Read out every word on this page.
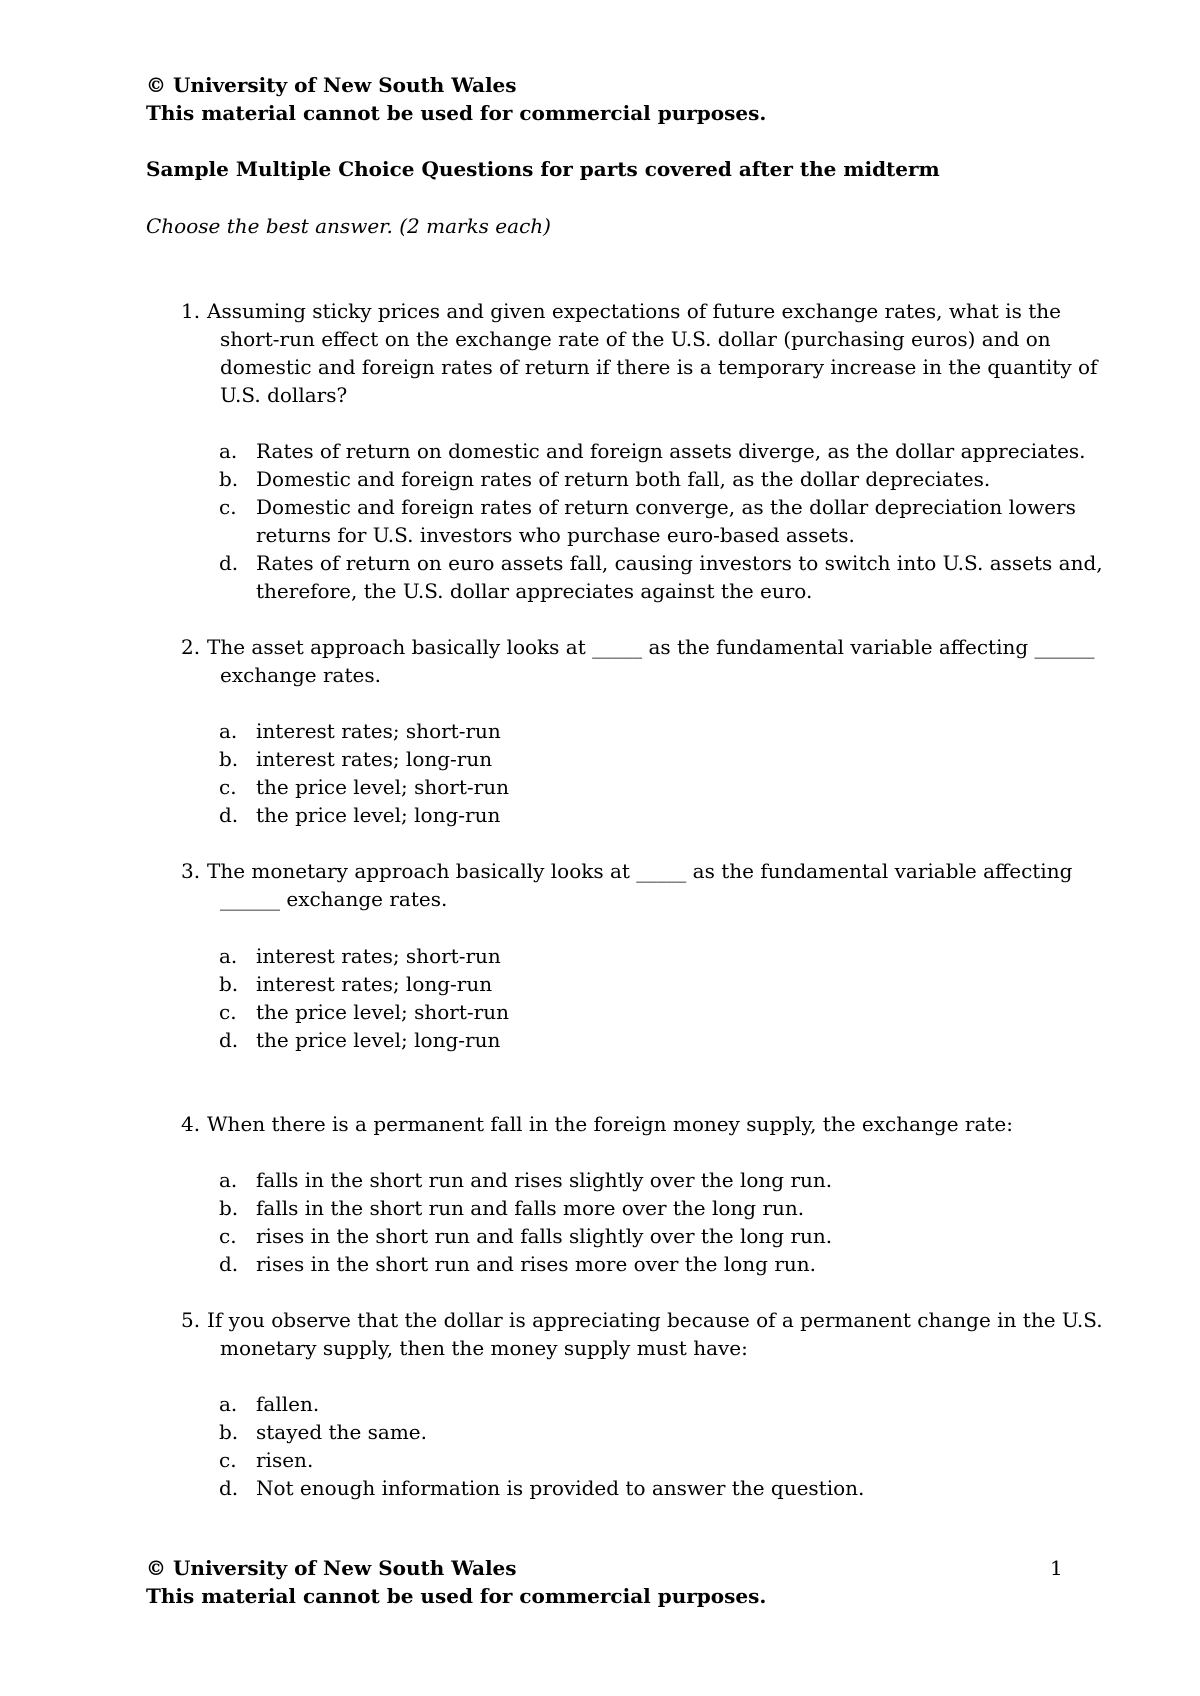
© University of New South Wales
This material cannot be used for commercial purposes.
Sample Multiple Choice Questions for parts covered after the midterm
Choose the best answer. (2 marks each)
1. Assuming sticky prices and given expectations of future exchange rates, what is the
short-run effect on the exchange rate of the U.S. dollar (purchasing euros) and on
domestic and foreign rates of return if there is a temporary increase in the quantity of
U.S. dollars?
a. Rates of return on domestic and foreign assets diverge, as the dollar appreciates.
b. Domestic and foreign rates of return both fall, as the dollar depreciates.
c. Domestic and foreign rates of return converge, as the dollar depreciation lowers
returns for U.S. investors who purchase euro-based assets.
d. Rates of return on euro assets fall, causing investors to switch into U.S. assets and,
therefore, the U.S. dollar appreciates against the euro.
2. The asset approach basically looks at _____ as the fundamental variable affecting ______
exchange rates.
a. interest rates; short-run
b. interest rates; long-run
c. the price level; short-run
d. the price level; long-run
3. The monetary approach basically looks at _____ as the fundamental variable affecting
______ exchange rates.
a. interest rates; short-run
b. interest rates; long-run
c. the price level; short-run
d. the price level; long-run
4. When there is a permanent fall in the foreign money supply, the exchange rate:
a. falls in the short run and rises slightly over the long run.
b. falls in the short run and falls more over the long run.
c. rises in the short run and falls slightly over the long run.
d. rises in the short run and rises more over the long run.
5. If you observe that the dollar is appreciating because of a permanent change in the U.S.
monetary supply, then the money supply must have:
a. fallen.
b. stayed the same.
c. risen.
d. Not enough information is provided to answer the question.
© University of New South Wales	1
This material cannot be used for commercial purposes.
